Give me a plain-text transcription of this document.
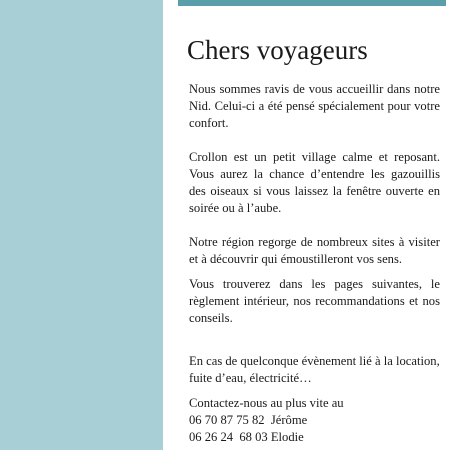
Chers voyageurs

Nous sommes ravis de vous accueillir dans notre Nid. Celui-ci a été pensé spécialement pour votre confort.

Crollon est un petit village calme et reposant. Vous aurez la chance d’entendre les gazouillis des oiseaux si vous laissez la fenêtre ouverte en soirée ou à l’aube.

Notre région regorge de nombreux sites à visiter et à découvrir qui émoustilleront vos sens.

Vous trouverez dans les pages suivantes, le règlement intérieur, nos recommandations et nos conseils.

En cas de quelconque évènement lié à la location, fuite d’eau, électricité…

Contactez-nous au plus vite au

06 70 87 75 82  Jérôme

06 26 24  68 03 Elodie
